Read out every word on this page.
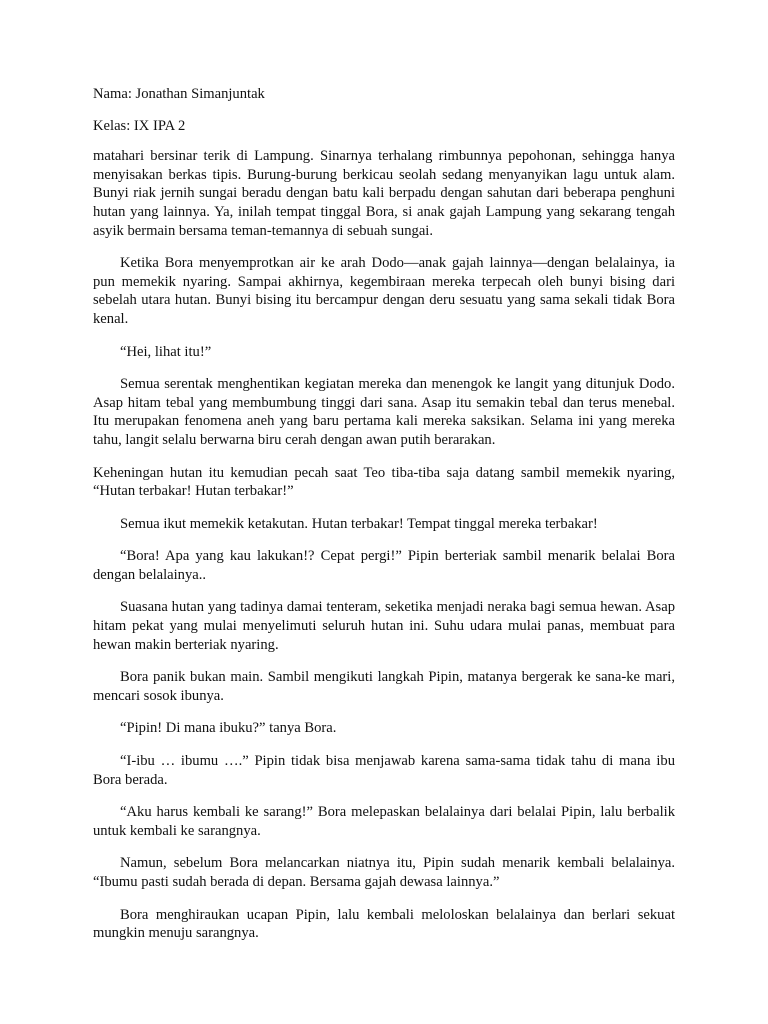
Nama: Jonathan Simanjuntak

Kelas: IX IPA 2

matahari bersinar terik di Lampung. Sinarnya terhalang rimbunnya pepohonan, sehingga hanya menyisakan berkas tipis. Burung-burung berkicau seolah sedang menyanyikan lagu untuk alam. Bunyi riak jernih sungai beradu dengan batu kali berpadu dengan sahutan dari beberapa penghuni hutan yang lainnya. Ya, inilah tempat tinggal Bora, si anak gajah Lampung yang sekarang tengah asyik bermain bersama teman-temannya di sebuah sungai.

Ketika Bora menyemprotkan air ke arah Dodo—anak gajah lainnya—dengan belalainya, ia pun memekik nyaring. Sampai akhirnya, kegembiraan mereka terpecah oleh bunyi bising dari sebelah utara hutan. Bunyi bising itu bercampur dengan deru sesuatu yang sama sekali tidak Bora kenal.

“Hei, lihat itu!”

Semua serentak menghentikan kegiatan mereka dan menengok ke langit yang ditunjuk Dodo. Asap hitam tebal yang membumbung tinggi dari sana. Asap itu semakin tebal dan terus menebal. Itu merupakan fenomena aneh yang baru pertama kali mereka saksikan. Selama ini yang mereka tahu, langit selalu berwarna biru cerah dengan awan putih berarakan.

Keheningan hutan itu kemudian pecah saat Teo tiba-tiba saja datang sambil memekik nyaring, “Hutan terbakar! Hutan terbakar!”

Semua ikut memekik ketakutan. Hutan terbakar! Tempat tinggal mereka terbakar!

“Bora! Apa yang kau lakukan!? Cepat pergi!” Pipin berteriak sambil menarik belalai Bora dengan belalainya..

Suasana hutan yang tadinya damai tenteram, seketika menjadi neraka bagi semua hewan. Asap hitam pekat yang mulai menyelimuti seluruh hutan ini. Suhu udara mulai panas, membuat para hewan makin berteriak nyaring.

Bora panik bukan main. Sambil mengikuti langkah Pipin, matanya bergerak ke sana-ke mari, mencari sosok ibunya.

“Pipin! Di mana ibuku?” tanya Bora.

“I-ibu … ibumu ….” Pipin tidak bisa menjawab karena sama-sama tidak tahu di mana ibu Bora berada.

“Aku harus kembali ke sarang!” Bora melepaskan belalainya dari belalai Pipin, lalu berbalik untuk kembali ke sarangnya.

Namun, sebelum Bora melancarkan niatnya itu, Pipin sudah menarik kembali belalainya. “Ibumu pasti sudah berada di depan. Bersama gajah dewasa lainnya.”

Bora menghiraukan ucapan Pipin, lalu kembali meloloskan belalainya dan berlari sekuat mungkin menuju sarangnya.
